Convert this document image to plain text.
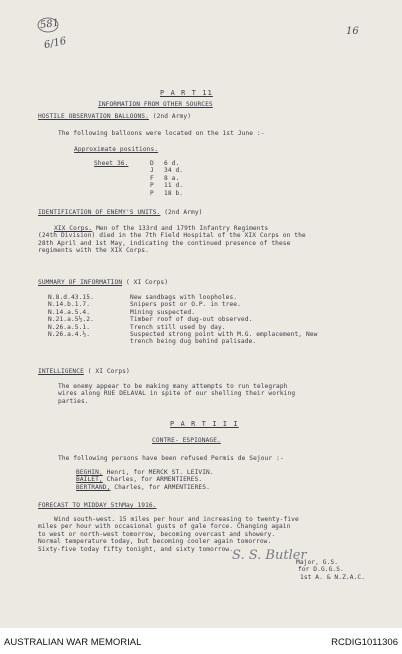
581
6/16
16
P A R T 11
INFORMATION FROM OTHER SOURCES
HOSTILE OBSERVATION BALLOONS. (2nd Army)
The following balloons were located on the 1st June :-
Approximate positions.
Sheet 36.	D 6 d.
J 34 d.
F 8 a.
P 11 d.
P 18 b.
IDENTIFICATION OF ENEMY'S UNITS. (2nd Army)
XIX Corps. Men of the 133rd and 179th Infantry Regiments
(24th Division) died in the 7th Field Hospital of the XIX Corps on the
28th April and 1st May, indicating the continued presence of these
regiments with the XIX Corps.
SUMMARY OF INFORMATION ( XI Corps)
N.8.d.43.15.	New sandbags with loopholes.
N.14.b.1.7.	Snipers post or O.P. in tree.
N.14.a.5.4.	Mining suspected.
N.21.a.5½.2.	Timber roof of dug-out observed.
N.26.a.5.1.	Trench still used by day.
N.26.a.4.½.	Suspected strong point with M.G. emplacement, New
trench being dug behind palisade.
INTELLIGENCE ( XI Corps)
The enemy appear to be making many attempts to run telegraph
wires along RUE DELAVAL in spite of our shelling their working
parties.
P A R T I I I
CONTRE- ESPIONAGE.
The following persons have been refused Permis de Sejour :-
BEGHIN, Henri, for MERCK ST. LEIVIN.
BAILET, Charles, for ARMENTIERES.
BERTRAND, Charles, for ARMENTIERES.
FORECAST TO MIDDAY 5thMay 1916.
Wind south-west. 15 miles per hour and increasing to twenty-five
miles per hour with occasional gusts of gale force. Changing again
to west or north-west tomorrow, becoming overcast and showery.
Normal temperature today, but becoming cooler again tomorrow.
Sixty-five today fifty tonight, and sixty tomorrow.
S. S. Butler
Major, G.S.
for D.G.G.S.
1st A. & N.Z.A.C.
AUSTRALIAN WAR MEMORIAL	RCDIG1011306
